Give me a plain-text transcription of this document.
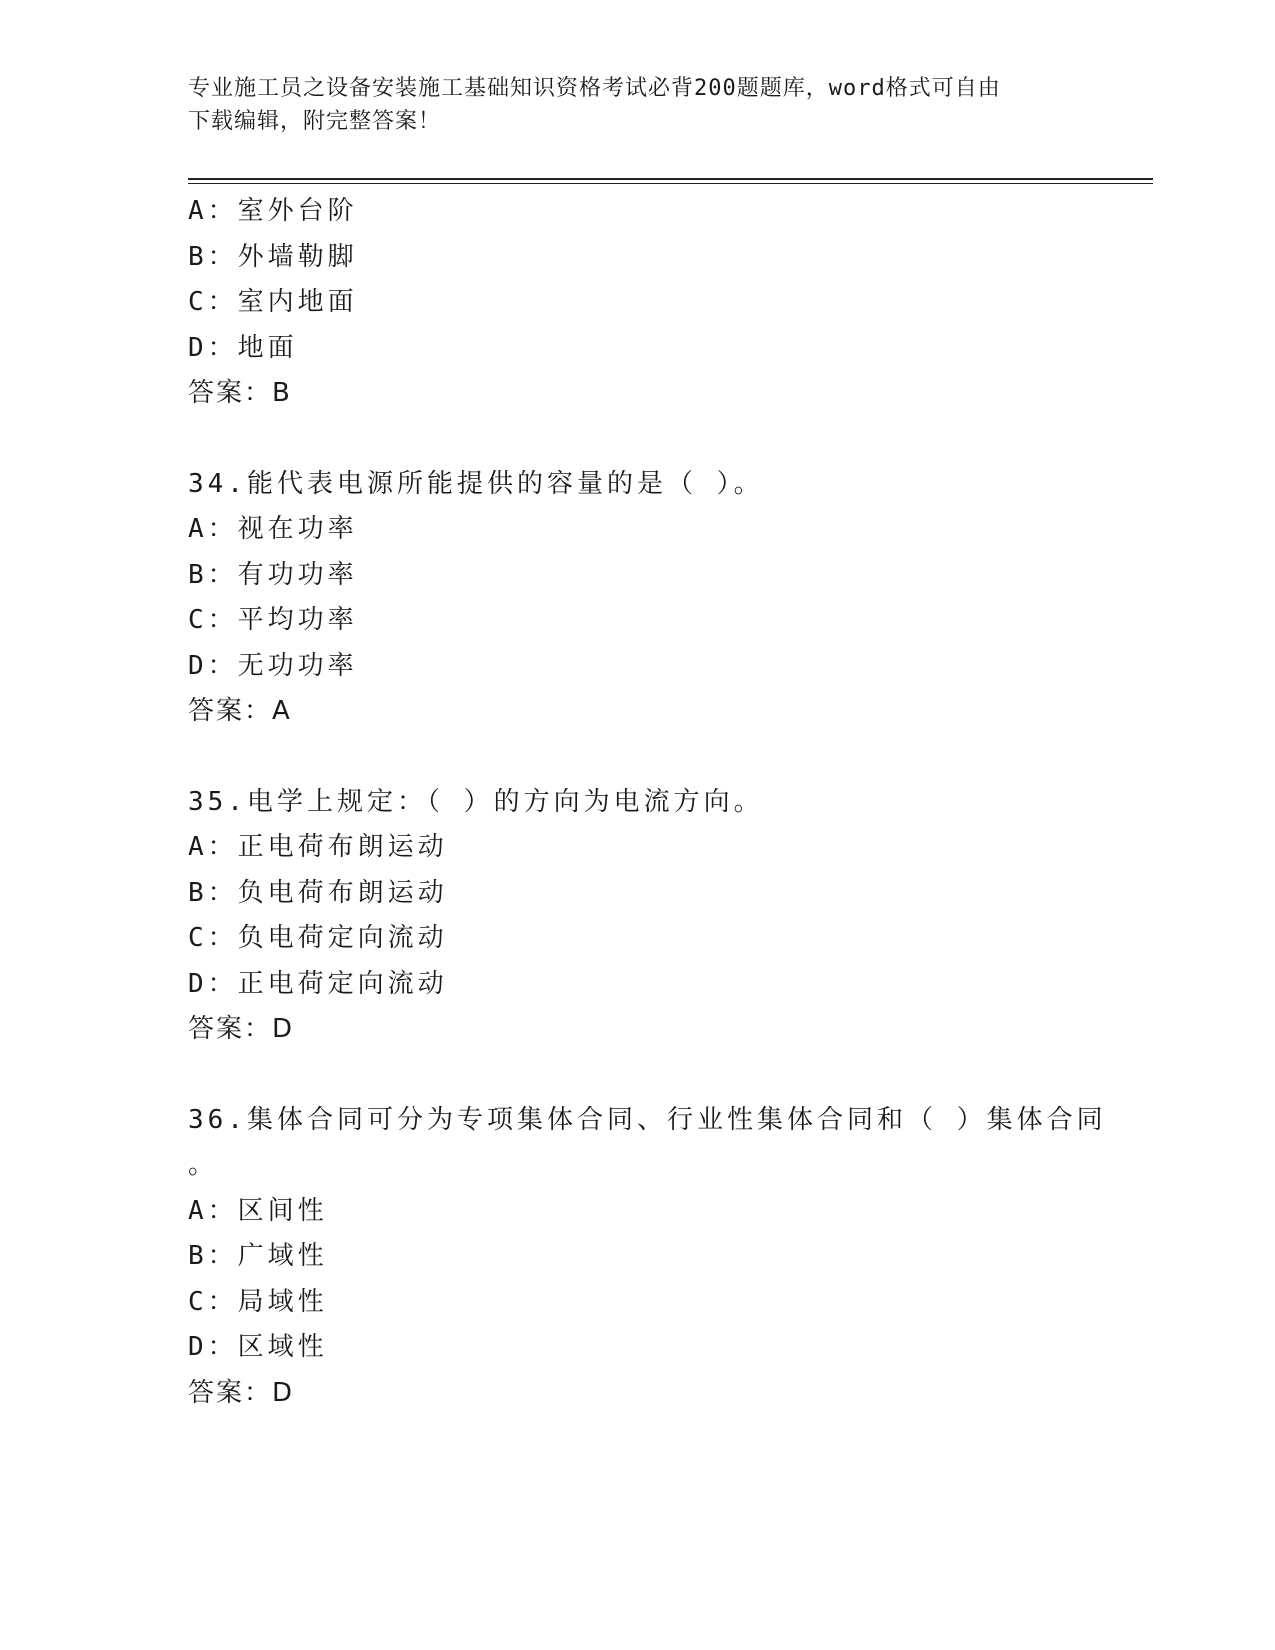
专业施工员之设备安装施工基础知识资格考试必背200题题库，word格式可自由
下载编辑，附完整答案！
A：室外台阶
B：外墙勒脚
C：室内地面
D：地面
答案：B
34.能代表电源所能提供的容量的是（ ）。
A：视在功率
B：有功功率
C：平均功率
D：无功功率
答案：A
35.电学上规定：（ ）的方向为电流方向。
A：正电荷布朗运动
B：负电荷布朗运动
C：负电荷定向流动
D：正电荷定向流动
答案：D
36.集体合同可分为专项集体合同、行业性集体合同和（ ）集体合同
。
A：区间性
B：广域性
C：局域性
D：区域性
答案：D
